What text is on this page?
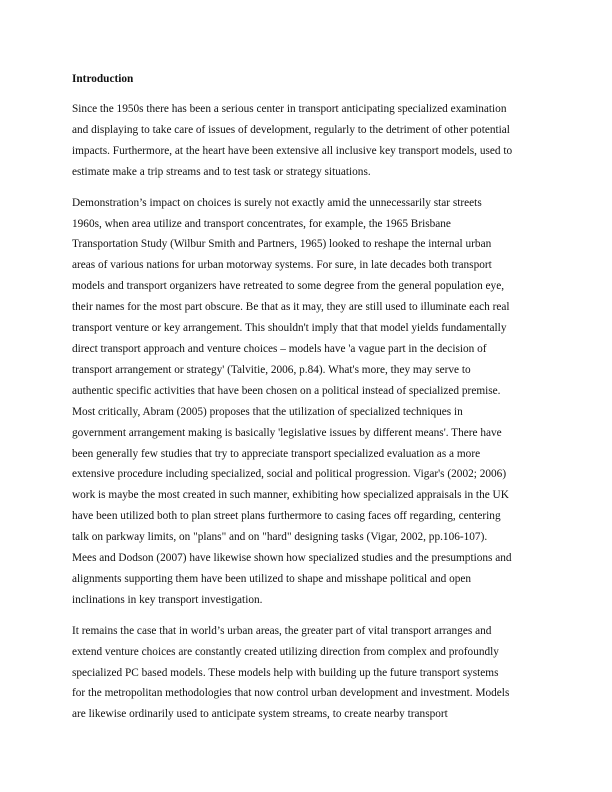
Introduction
Since the 1950s there has been a serious center in transport anticipating specialized examination
and displaying to take care of issues of development, regularly to the detriment of other potential
impacts. Furthermore, at the heart have been extensive all inclusive key transport models, used to
estimate make a trip streams and to test task or strategy situations.
Demonstration’s impact on choices is surely not exactly amid the unnecessarily star streets
1960s, when area utilize and transport concentrates, for example, the 1965 Brisbane
Transportation Study (Wilbur Smith and Partners, 1965) looked to reshape the internal urban
areas of various nations for urban motorway systems. For sure, in late decades both transport
models and transport organizers have retreated to some degree from the general population eye,
their names for the most part obscure. Be that as it may, they are still used to illuminate each real
transport venture or key arrangement. This shouldn't imply that that model yields fundamentally
direct transport approach and venture choices – models have 'a vague part in the decision of
transport arrangement or strategy' (Talvitie, 2006, p.84). What's more, they may serve to
authentic specific activities that have been chosen on a political instead of specialized premise.
Most critically, Abram (2005) proposes that the utilization of specialized techniques in
government arrangement making is basically 'legislative issues by different means'. There have
been generally few studies that try to appreciate transport specialized evaluation as a more
extensive procedure including specialized, social and political progression. Vigar's (2002; 2006)
work is maybe the most created in such manner, exhibiting how specialized appraisals in the UK
have been utilized both to plan street plans furthermore to casing faces off regarding, centering
talk on parkway limits, on "plans" and on "hard" designing tasks (Vigar, 2002, pp.106-107).
Mees and Dodson (2007) have likewise shown how specialized studies and the presumptions and
alignments supporting them have been utilized to shape and misshape political and open
inclinations in key transport investigation.
It remains the case that in world’s urban areas, the greater part of vital transport arranges and
extend venture choices are constantly created utilizing direction from complex and profoundly
specialized PC based models. These models help with building up the future transport systems
for the metropolitan methodologies that now control urban development and investment. Models
are likewise ordinarily used to anticipate system streams, to create nearby transport
